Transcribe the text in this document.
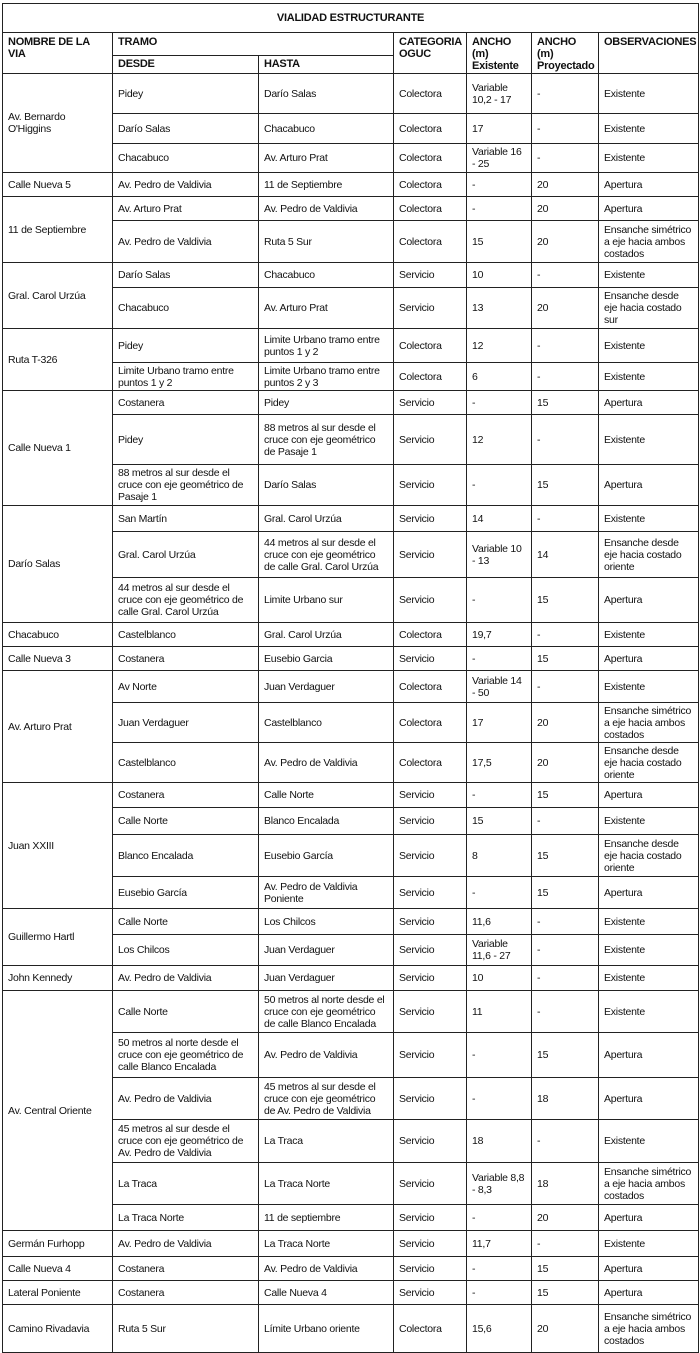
VIALIDAD ESTRUCTURANTE						
NOMBRE DE LA VIA	TRAMO		CATEGORIA OGUC	ANCHO (m) Existente	ANCHO (m) Proyectado	OBSERVACIONES
	DESDE	HASTA				
Av. Bernardo O'Higgins	Pidey	Darío Salas	Colectora	Variable 10,2 - 17	-	Existente
	Darío Salas	Chacabuco	Colectora	17	-	Existente
	Chacabuco	Av. Arturo Prat	Colectora	Variable 16 - 25	-	Existente
Calle Nueva 5	Av. Pedro de Valdivia	11 de Septiembre	Colectora	-	20	Apertura
11 de Septiembre	Av. Arturo Prat	Av. Pedro de Valdivia	Colectora	-	20	Apertura
	Av. Pedro de Valdivia	Ruta 5 Sur	Colectora	15	20	Ensanche simétrico a eje hacia ambos costados
Gral. Carol Urzúa	Darío Salas	Chacabuco	Servicio	10	-	Existente
	Chacabuco	Av. Arturo Prat	Servicio	13	20	Ensanche desde eje hacia costado sur
Ruta T-326	Pidey	Limite Urbano tramo entre puntos 1 y 2	Colectora	12	-	Existente
	Limite Urbano tramo entre puntos 1 y 2	Limite Urbano tramo entre puntos 2 y 3	Colectora	6	-	Existente
Calle Nueva 1	Costanera	Pidey	Servicio	-	15	Apertura
	Pidey	88 metros al sur desde el cruce con eje geométrico de Pasaje 1	Servicio	12	-	Existente
	88 metros al sur desde el cruce con eje geométrico de Pasaje 1	Darío Salas	Servicio	-	15	Apertura
Darío Salas	San Martín	Gral. Carol Urzúa	Servicio	14	-	Existente
	Gral. Carol Urzúa	44 metros al sur desde el cruce con eje geométrico de calle Gral. Carol Urzúa	Servicio	Variable 10 - 13	14	Ensanche desde eje hacia costado oriente
	44 metros al sur desde el cruce con eje geométrico de calle Gral. Carol Urzúa	Limite Urbano sur	Servicio	-	15	Apertura
Chacabuco	Castelblanco	Gral. Carol Urzúa	Colectora	19,7	-	Existente
Calle Nueva 3	Costanera	Eusebio Garcia	Servicio	-	15	Apertura
Av. Arturo Prat	Av Norte	Juan Verdaguer	Colectora	Variable 14 - 50	-	Existente
	Juan Verdaguer	Castelblanco	Colectora	17	20	Ensanche simétrico a eje hacia ambos costados
	Castelblanco	Av. Pedro de Valdivia	Colectora	17,5	20	Ensanche desde eje hacia costado oriente
Juan XXIII	Costanera	Calle Norte	Servicio	-	15	Apertura
	Calle Norte	Blanco Encalada	Servicio	15	-	Existente
	Blanco Encalada	Eusebio García	Servicio	8	15	Ensanche desde eje hacia costado oriente
	Eusebio García	Av. Pedro de Valdivia Poniente	Servicio	-	15	Apertura
Guillermo Hartl	Calle Norte	Los Chilcos	Servicio	11,6	-	Existente
	Los Chilcos	Juan Verdaguer	Servicio	Variable 11,6 - 27	-	Existente
John Kennedy	Av. Pedro de Valdivia	Juan Verdaguer	Servicio	10	-	Existente
Av. Central Oriente	Calle Norte	50 metros al norte desde el cruce con eje geométrico de calle Blanco Encalada	Servicio	11	-	Existente
	50 metros al norte desde el cruce con eje geométrico de calle Blanco Encalada	Av. Pedro de Valdivia	Servicio	-	15	Apertura
	Av. Pedro de Valdivia	45 metros al sur desde el cruce con eje geométrico de Av. Pedro de Valdivia	Servicio	-	18	Apertura
	45 metros al sur desde el cruce con eje geométrico de Av. Pedro de Valdivia	La Traca	Servicio	18	-	Existente
	La Traca	La Traca Norte	Servicio	Variable 8,8 - 8,3	18	Ensanche simétrico a eje hacia ambos costados
	La Traca Norte	11 de septiembre	Servicio	-	20	Apertura
Germán Furhopp	Av. Pedro de Valdivia	La Traca Norte	Servicio	11,7	-	Existente
Calle Nueva 4	Costanera	Av. Pedro de Valdivia	Servicio	-	15	Apertura
Lateral Poniente	Costanera	Calle Nueva 4	Servicio	-	15	Apertura
Camino Rivadavia	Ruta 5 Sur	Límite Urbano oriente	Colectora	15,6	20	Ensanche simétrico a eje hacia ambos costados
